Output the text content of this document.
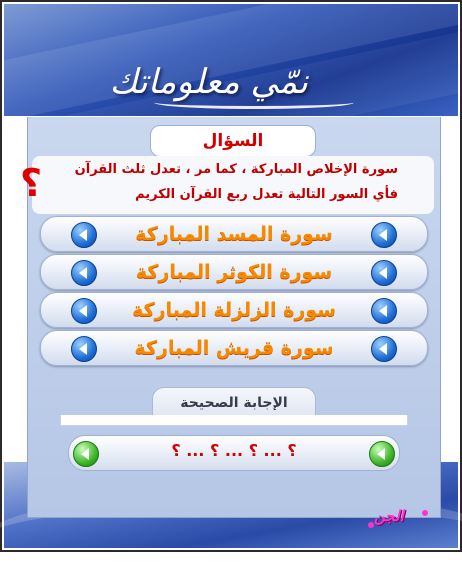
نمّي معلوماتك
السؤال
سورة الإخلاص المباركة ، كما مر ، تعدل ثلث القرآن
فأي السور التالية تعدل ربع القرآن الكريم
؟
سورة المسد المباركة
سورة الكوثر المباركة
سورة الزلزلة المباركة
سورة قريش المباركة
الإجابة الصحيحة
؟ ... ؟ ... ؟ ... ؟
الجن
